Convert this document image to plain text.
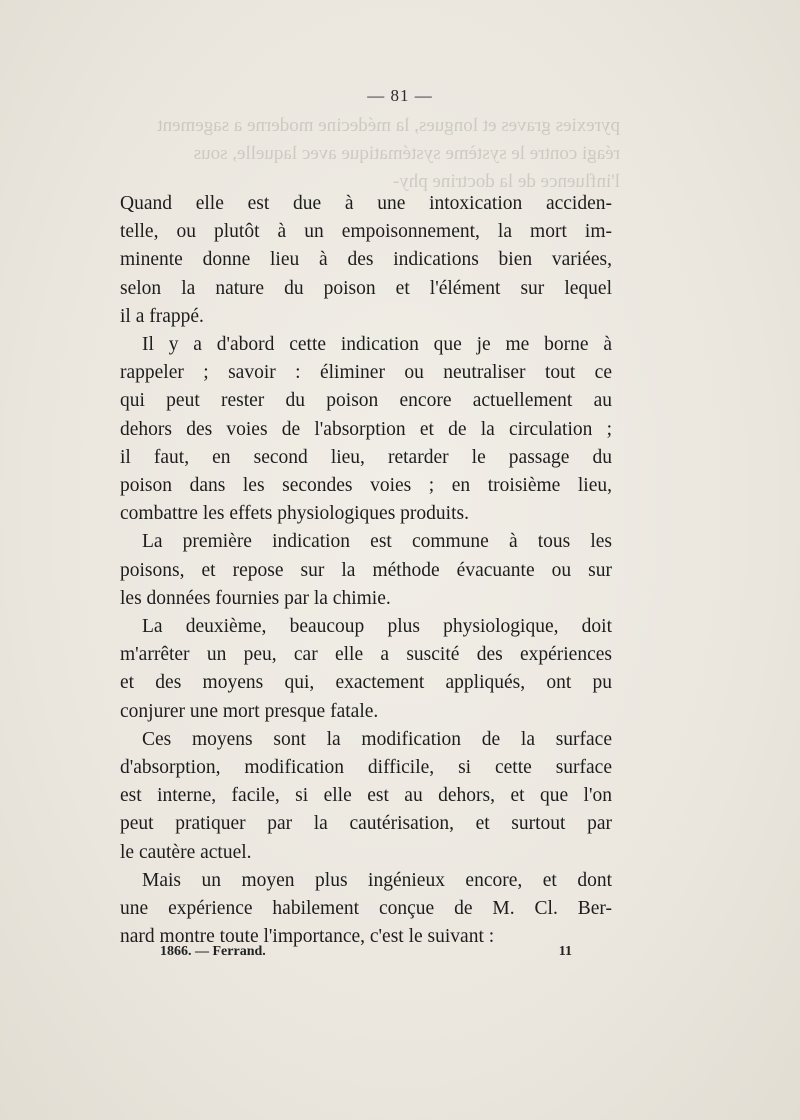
pyrexies graves et longues, la médecine moderne a sagement réagi contre le système systématique avec laquelle, sous l'influence de la doctrine phy-
— 81 —
Quand elle est due à une intoxication acciden-
telle, ou plutôt à un empoisonnement, la mort im-
minente donne lieu à des indications bien variées,
selon la nature du poison et l'élément sur lequel
il a frappé.
Il y a d'abord cette indication que je me borne à
rappeler ; savoir : éliminer ou neutraliser tout ce
qui peut rester du poison encore actuellement au
dehors des voies de l'absorption et de la circulation ;
il faut, en second lieu, retarder le passage du
poison dans les secondes voies ; en troisième lieu,
combattre les effets physiologiques produits.
La première indication est commune à tous les
poisons, et repose sur la méthode évacuante ou sur
les données fournies par la chimie.
La deuxième, beaucoup plus physiologique, doit
m'arrêter un peu, car elle a suscité des expériences
et des moyens qui, exactement appliqués, ont pu
conjurer une mort presque fatale.
Ces moyens sont la modification de la surface
d'absorption, modification difficile, si cette surface
est interne, facile, si elle est au dehors, et que l'on
peut pratiquer par la cautérisation, et surtout par
le cautère actuel.
Mais un moyen plus ingénieux encore, et dont
une expérience habilement conçue de M. Cl. Ber-
nard montre toute l'importance, c'est le suivant :
1866. — Ferrand.	11
